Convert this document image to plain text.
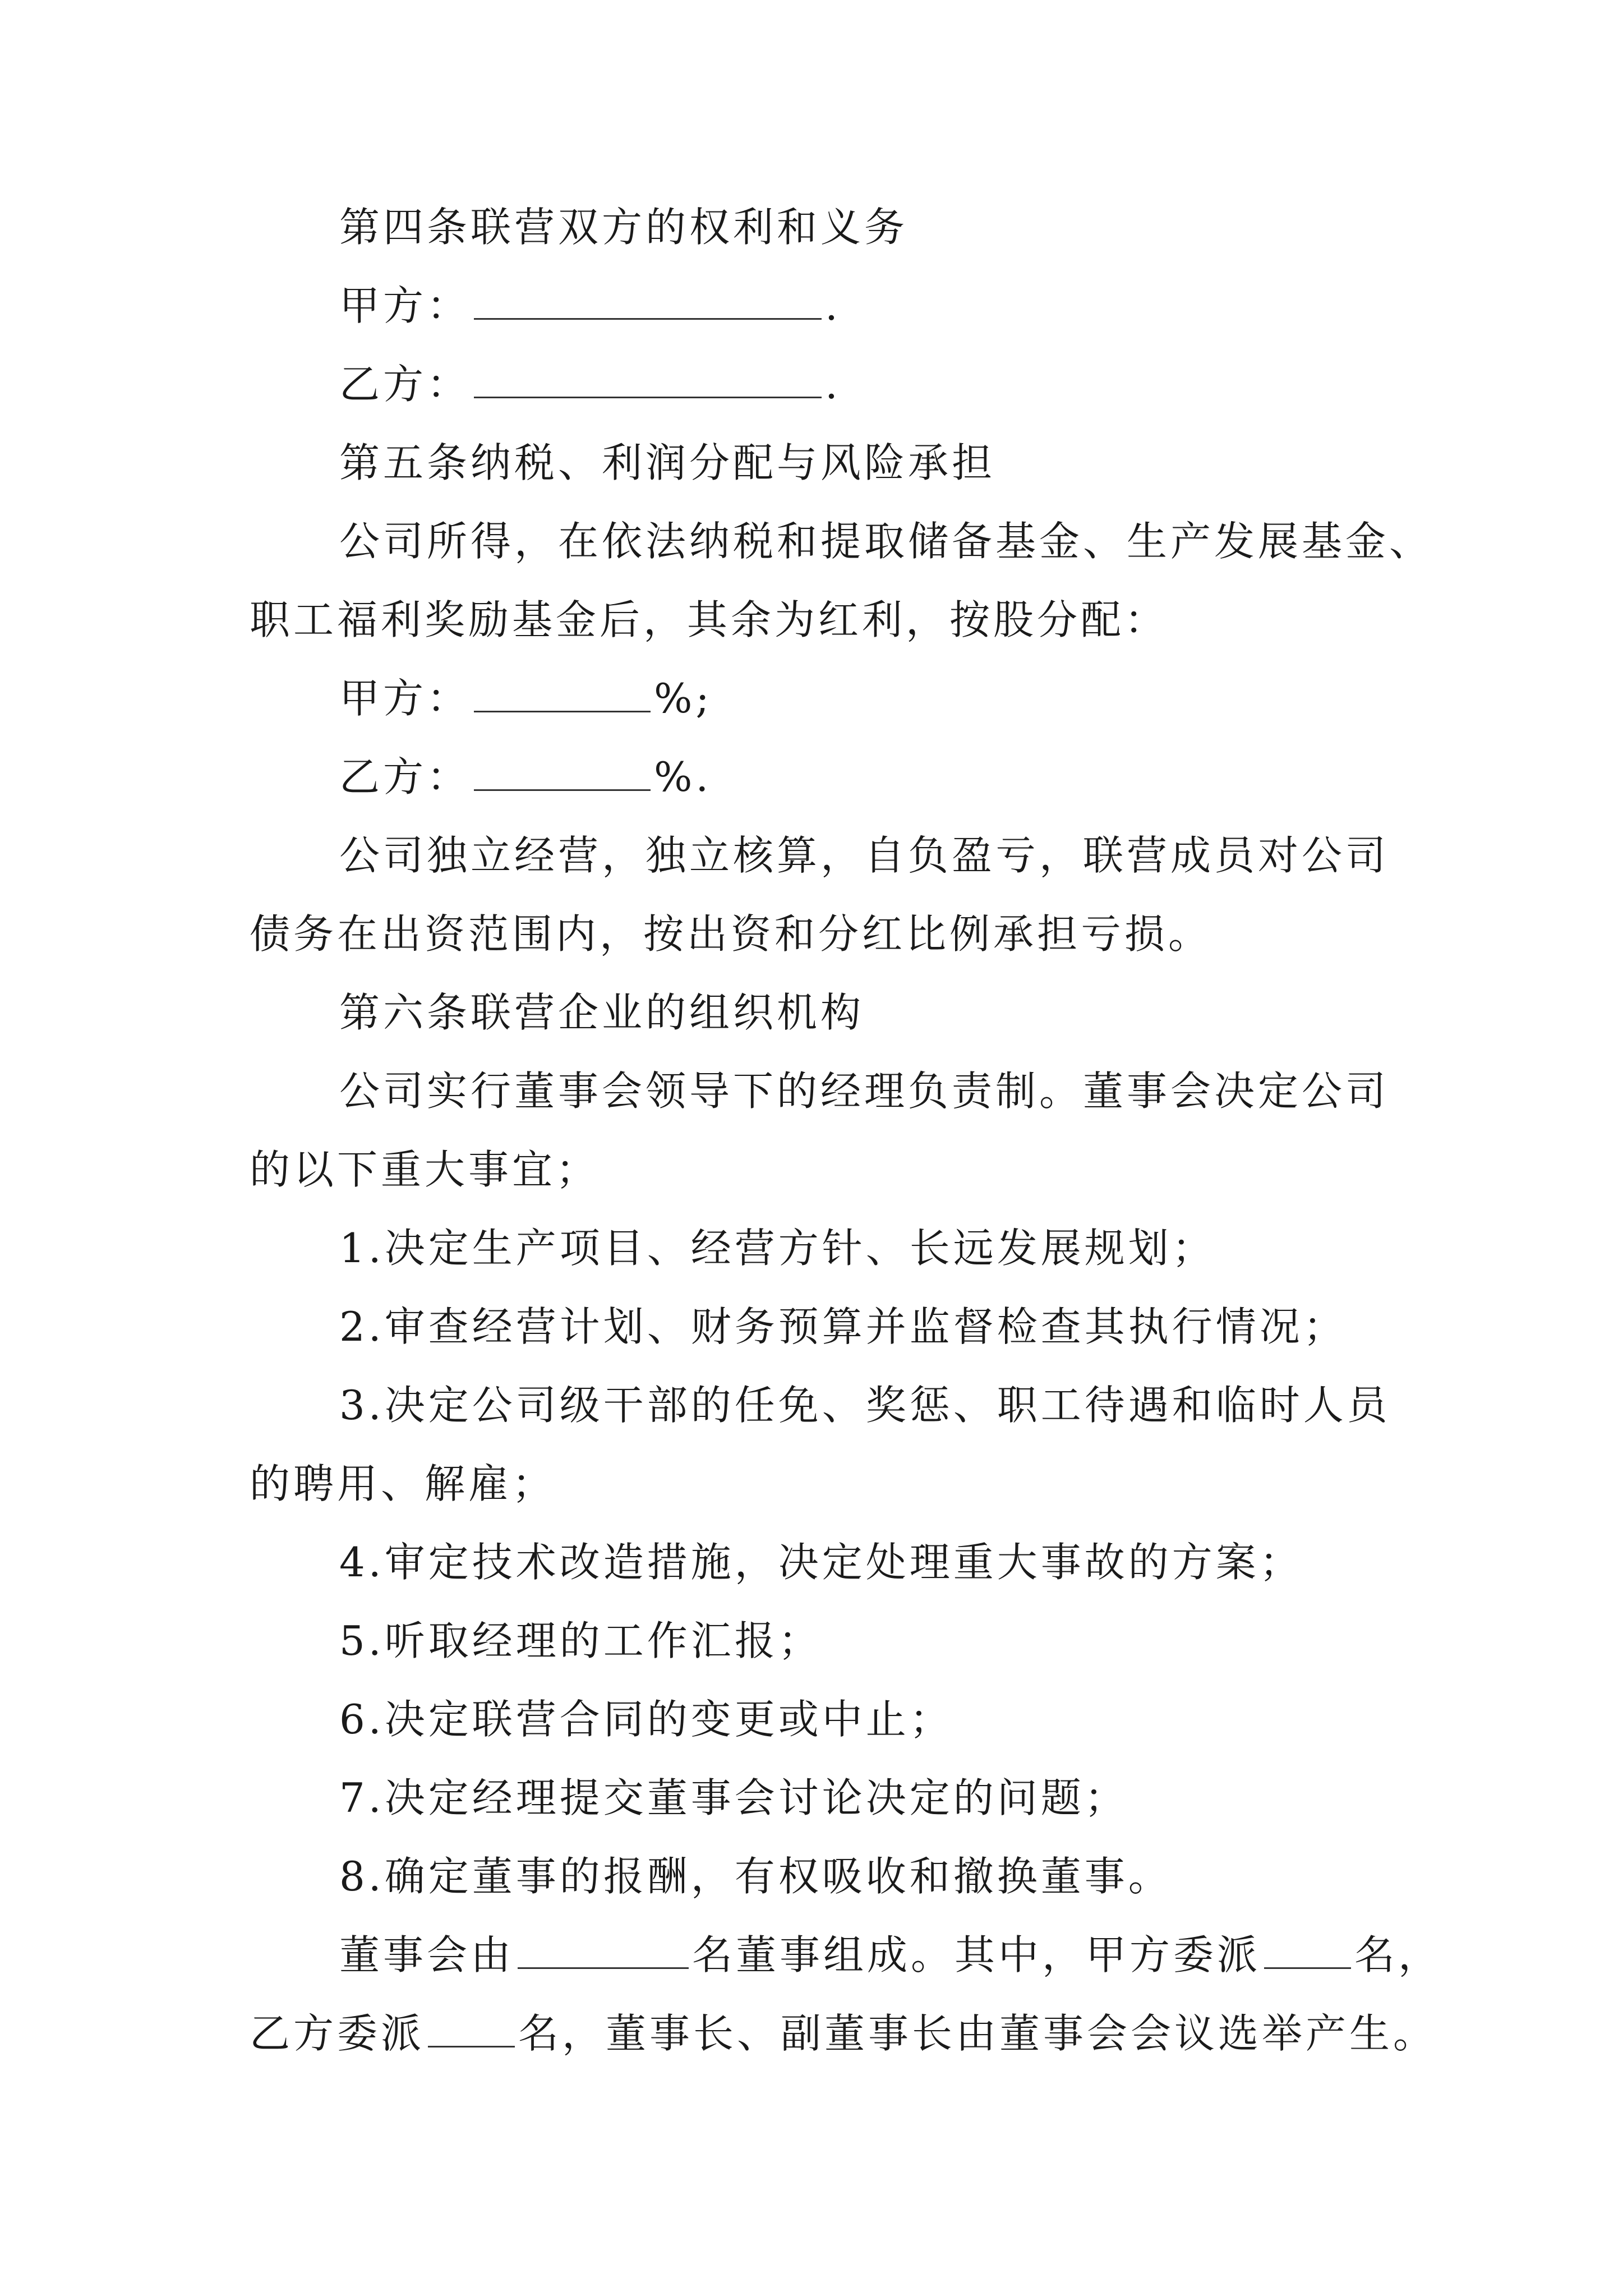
第四条联营双方的权利和义务
甲方：	.
乙方：	.
第五条纳税、利润分配与风险承担
公司所得，在依法纳税和提取储备基金、生产发展基金、
职工福利奖励基金后，其余为红利，按股分配：
甲方：	%;
乙方：	%.
公司独立经营，独立核算，自负盈亏，联营成员对公司
债务在出资范围内，按出资和分红比例承担亏损。
第六条联营企业的组织机构
公司实行董事会领导下的经理负责制。董事会决定公司
的以下重大事宜；
1.决定生产项目、经营方针、长远发展规划；
2.审查经营计划、财务预算并监督检查其执行情况；
3.决定公司级干部的任免、奖惩、职工待遇和临时人员
的聘用、解雇；
4.审定技术改造措施，决定处理重大事故的方案；
5.听取经理的工作汇报；
6.决定联营合同的变更或中止；
7.决定经理提交董事会讨论决定的问题；
8.确定董事的报酬，有权吸收和撤换董事。
董事会由	名董事组成。其中，甲方委派 名，
乙方委派 名，董事长、副董事长由董事会会议选举产生。
